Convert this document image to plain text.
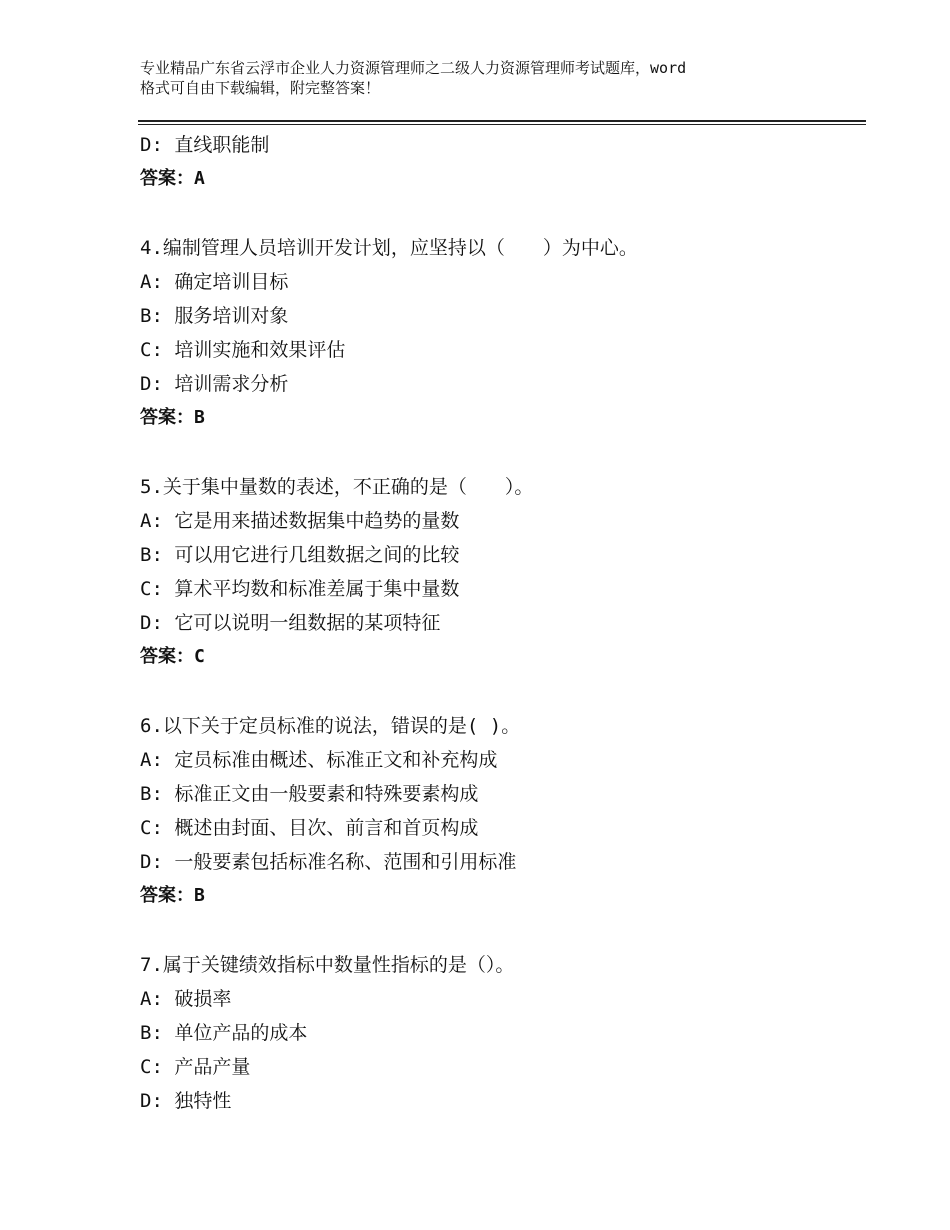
专业精品广东省云浮市企业人力资源管理师之二级人力资源管理师考试题库，word
格式可自由下载编辑，附完整答案！
D: 直线职能制
答案：A
4.编制管理人员培训开发计划，应坚持以（　　）为中心。
A: 确定培训目标
B: 服务培训对象
C: 培训实施和效果评估
D: 培训需求分析
答案：B
5.关于集中量数的表述，不正确的是（　　）。
A: 它是用来描述数据集中趋势的量数
B: 可以用它进行几组数据之间的比较
C: 算术平均数和标准差属于集中量数
D: 它可以说明一组数据的某项特征
答案：C
6.以下关于定员标准的说法，错误的是( )。
A: 定员标准由概述、标准正文和补充构成
B: 标准正文由一般要素和特殊要素构成
C: 概述由封面、目次、前言和首页构成
D: 一般要素包括标准名称、范围和引用标准
答案：B
7.属于关键绩效指标中数量性指标的是（）。
A: 破损率
B: 单位产品的成本
C: 产品产量
D: 独特性
